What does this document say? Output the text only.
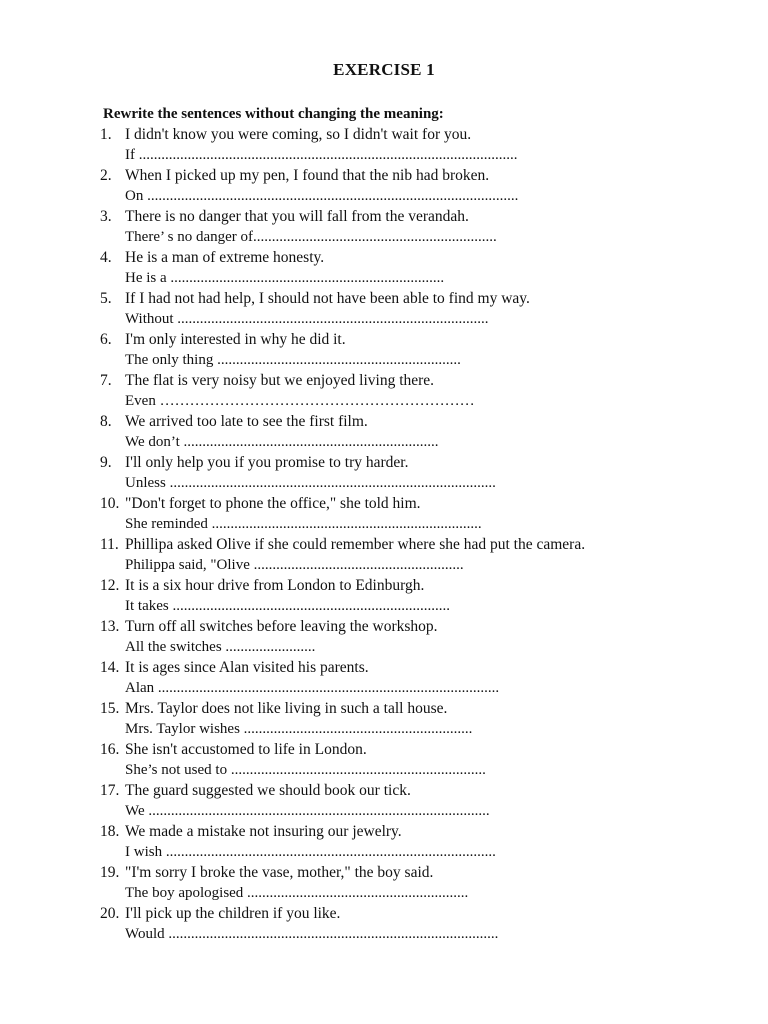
EXERCISE 1
Rewrite the sentences without changing the meaning:
1. I didn't know you were coming, so I didn't wait for you.
If .....................................................................................................
2. When I picked up my pen, I found that the nib had broken.
On ...................................................................................................
3. There is no danger that you will fall from the verandah.
There’ s no danger of.................................................................
4. He is a man of extreme honesty.
He is a .........................................................................
5. If I had not had help, I should not have been able to find my way.
Without ...................................................................................
6. I'm only interested in why he did it.
The only thing .................................................................
7. The flat is very noisy but we enjoyed living there.
Even ………………………………………………………
8. We arrived too late to see the first film.
We don’t ....................................................................
9. I'll only help you if you promise to try harder.
Unless .......................................................................................
10. "Don't forget to phone the office," she told him.
She reminded ........................................................................
11. Phillipa asked Olive if she could remember where she had put the camera.
Philippa said, "Olive ........................................................
12. It is a six hour drive from London to Edinburgh.
It takes ..........................................................................
13. Turn off all switches before leaving the workshop.
All the switches ........................
14. It is ages since Alan visited his parents.
Alan ...........................................................................................
15. Mrs. Taylor does not like living in such a tall house.
Mrs. Taylor wishes .............................................................
16. She isn't accustomed to life in London.
She’s not used to ....................................................................
17. The guard suggested we should book our tick.
We ...........................................................................................
18. We made a mistake not insuring our jewelry.
I wish ........................................................................................
19. "I'm sorry I broke the vase, mother," the boy said.
The boy apologised ...........................................................
20. I'll pick up the children if you like.
Would ........................................................................................
